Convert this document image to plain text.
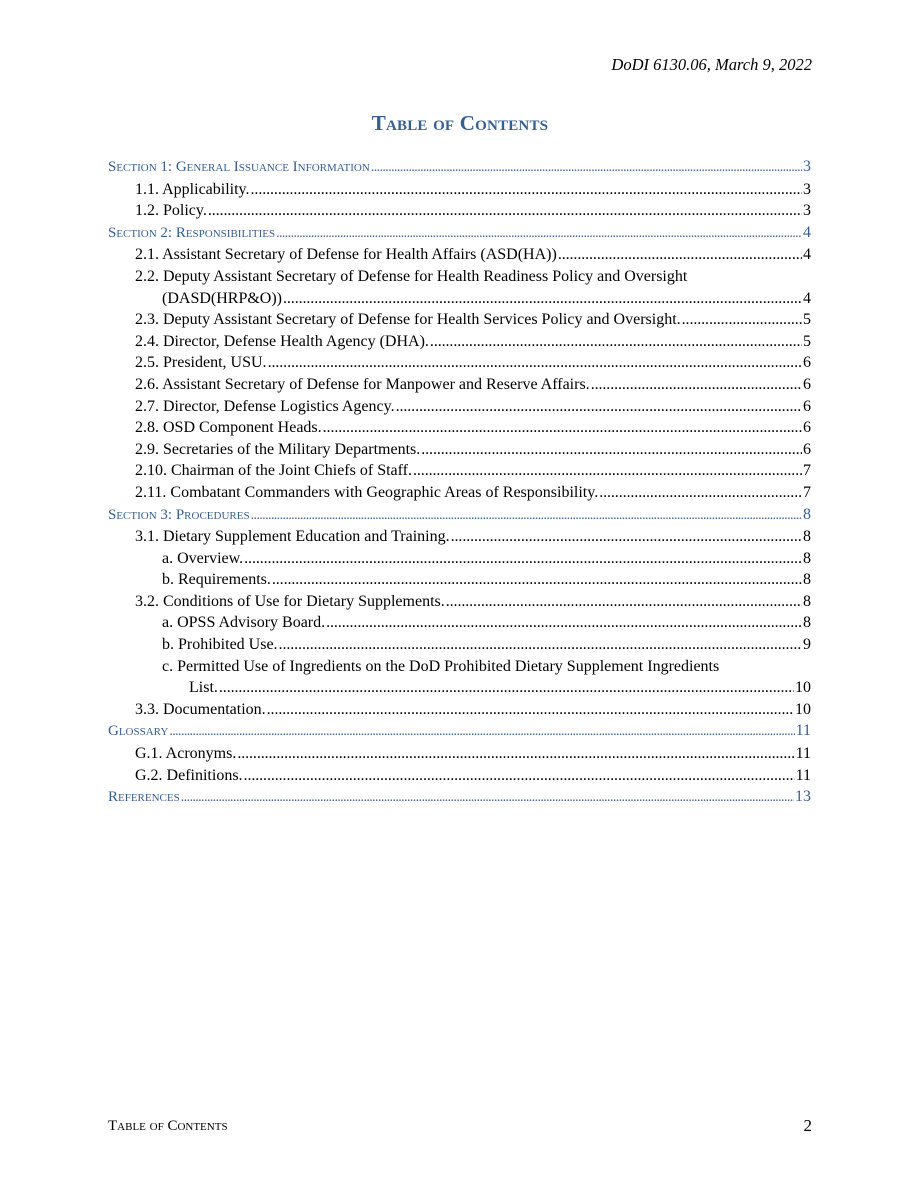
DoDI 6130.06, March 9, 2022
Table of Contents
Section 1: General Issuance Information . . .	3
1.1. Applicability. . . .	3
1.2. Policy. . . .	3
Section 2: Responsibilities . . .	4
2.1. Assistant Secretary of Defense for Health Affairs (ASD(HA)) . . .	4
2.2. Deputy Assistant Secretary of Defense for Health Readiness Policy and Oversight
(DASD(HRP&O)) . . .	4
2.3. Deputy Assistant Secretary of Defense for Health Services Policy and Oversight. . . .	5
2.4. Director, Defense Health Agency (DHA). . . .	5
2.5. President, USU. . . .	6
2.6. Assistant Secretary of Defense for Manpower and Reserve Affairs. . . .	6
2.7. Director, Defense Logistics Agency. . . .	6
2.8. OSD Component Heads. . . .	6
2.9. Secretaries of the Military Departments. . . .	6
2.10. Chairman of the Joint Chiefs of Staff. . . .	7
2.11. Combatant Commanders with Geographic Areas of Responsibility. . . .	7
Section 3: Procedures . . .	8
3.1. Dietary Supplement Education and Training. . . .	8
a. Overview. . . .	8
b. Requirements. . . .	8
3.2. Conditions of Use for Dietary Supplements. . . .	8
a. OPSS Advisory Board. . . .	8
b. Prohibited Use. . . .	9
c. Permitted Use of Ingredients on the DoD Prohibited Dietary Supplement Ingredients
List. . . .	10
3.3. Documentation. . . .	10
Glossary . . .	11
G.1. Acronyms. . . .	11
G.2. Definitions. . . .	11
References . . .	13
Table of Contents	2
